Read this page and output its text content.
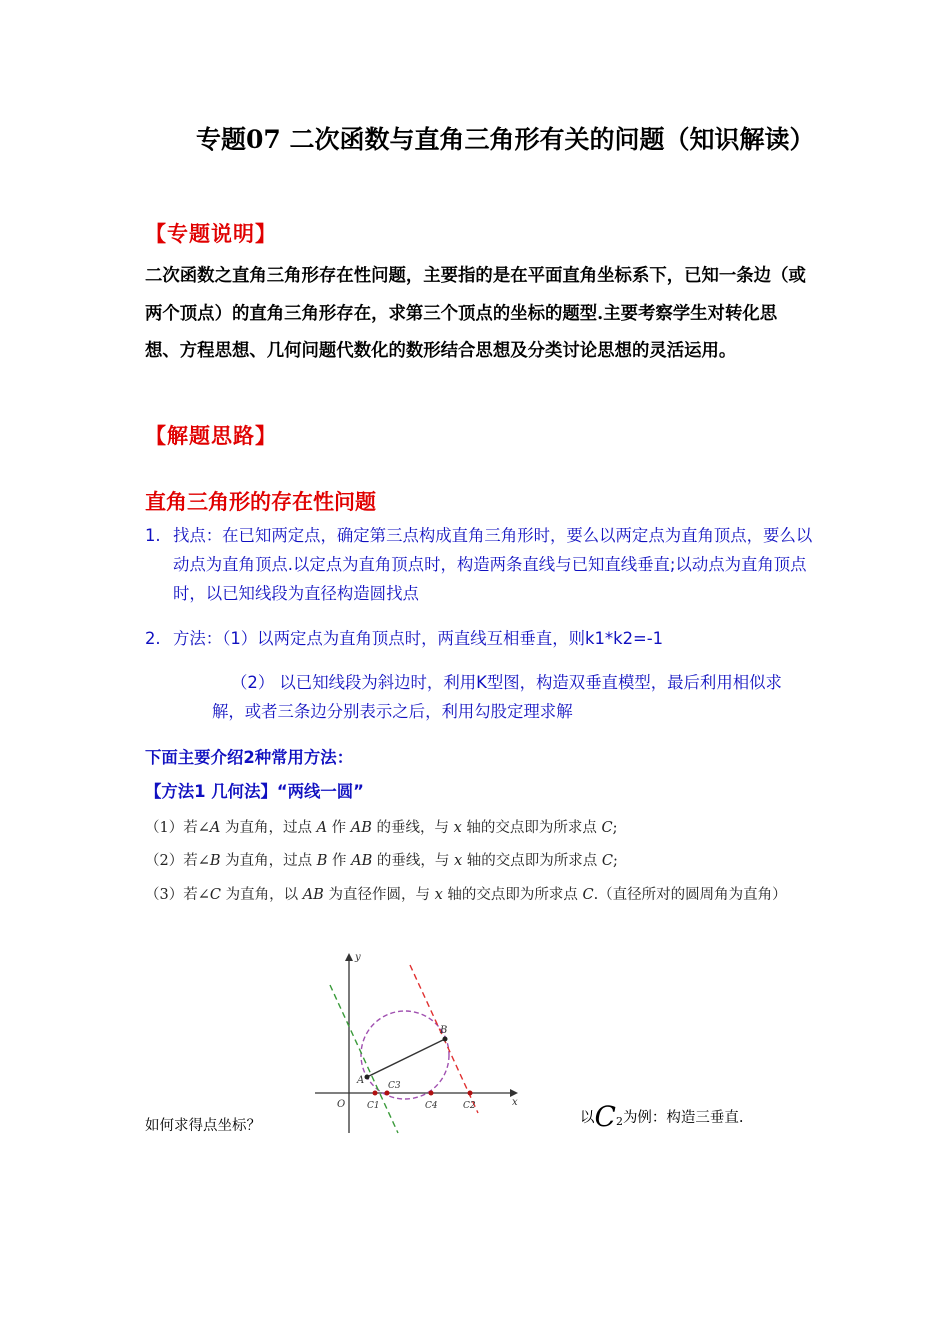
专题07 二次函数与直角三角形有关的问题（知识解读）
【专题说明】
二次函数之直角三角形存在性问题，主要指的是在平面直角坐标系下，已知一条边（或两个顶点）的直角三角形存在，求第三个顶点的坐标的题型.主要考察学生对转化思想、方程思想、几何问题代数化的数形结合思想及分类讨论思想的灵活运用。
【解题思路】
直角三角形的存在性问题
1. 找点：在已知两定点，确定第三点构成直角三角形时，要么以两定点为直角顶点，要么以动点为直角顶点.以定点为直角顶点时，构造两条直线与已知直线垂直;以动点为直角顶点时，以已知线段为直径构造圆找点
2. 方法：（1）以两定点为直角顶点时，两直线互相垂直，则k1*k2=-1
（2） 以已知线段为斜边时，利用K型图，构造双垂直模型，最后利用相似求解，或者三条边分别表示之后，利用勾股定理求解
下面主要介绍2种常用方法：
【方法1 几何法】“两线一圆”
（1）若∠A 为直角，过点 A 作 AB 的垂线，与 x 轴的交点即为所求点 C;
（2）若∠B 为直角，过点 B 作 AB 的垂线，与 x 轴的交点即为所求点 C;
（3）若∠C 为直角，以 AB 为直径作圆，与 x 轴的交点即为所求点 C.（直径所对的圆周角为直角）
x
y
O
A
B
C1
C3
C4	C2
如何求得点坐标？	以$C_2$为例：构造三垂直.
